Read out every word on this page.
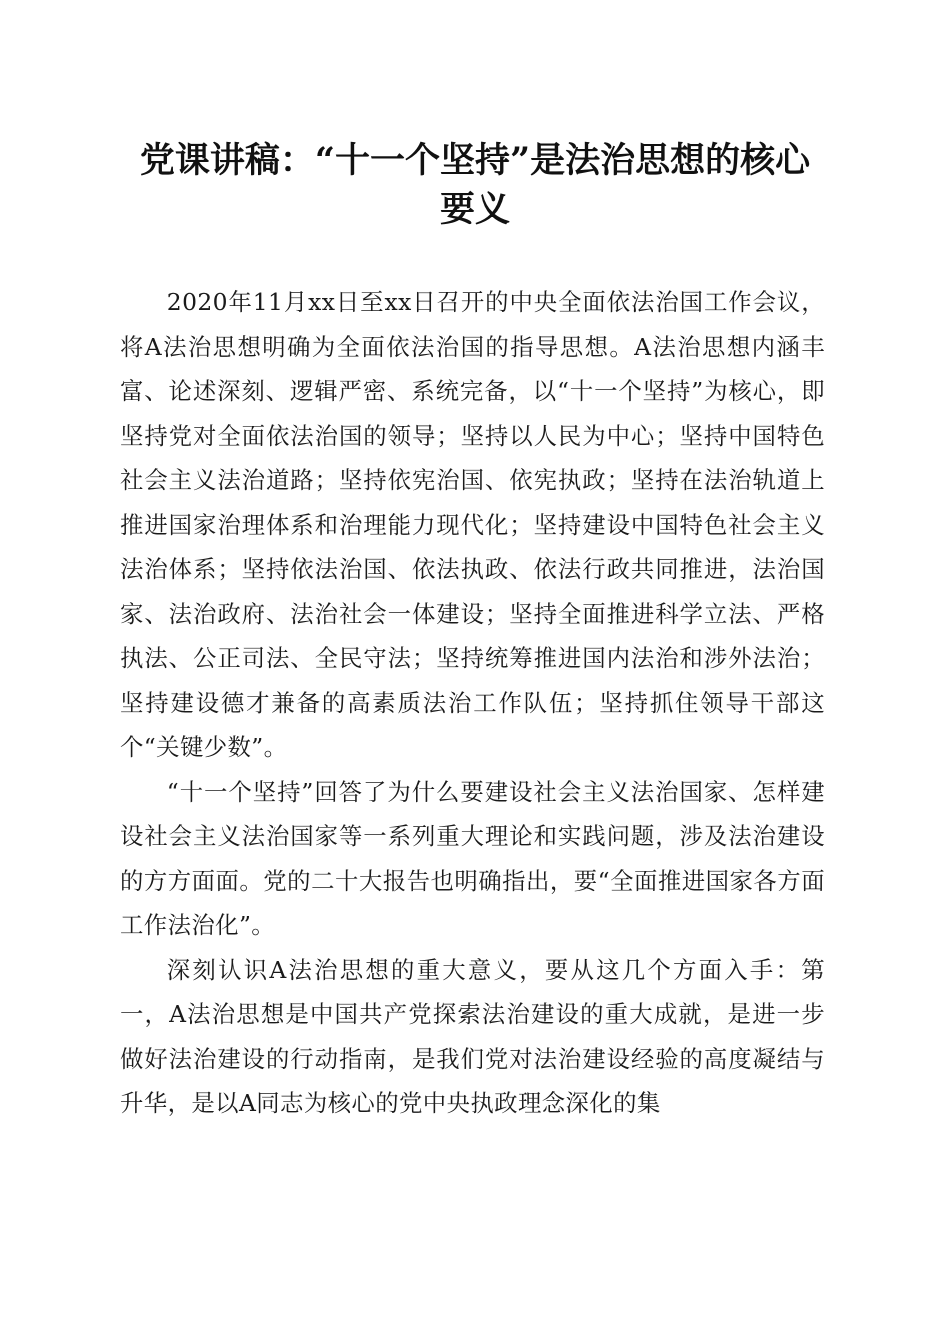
党课讲稿：“十一个坚持”是法治思想的核心
要义

2020年11月xx日至xx日召开的中央全面依法治国工作会议，将A法治思想明确为全面依法治国的指导思想。A法治思想内涵丰富、论述深刻、逻辑严密、系统完备，以“十一个坚持”为核心，即坚持党对全面依法治国的领导；坚持以人民为中心；坚持中国特色社会主义法治道路；坚持依宪治国、依宪执政；坚持在法治轨道上推进国家治理体系和治理能力现代化；坚持建设中国特色社会主义法治体系；坚持依法治国、依法执政、依法行政共同推进，法治国家、法治政府、法治社会一体建设；坚持全面推进科学立法、严格执法、公正司法、全民守法；坚持统筹推进国内法治和涉外法治；坚持建设德才兼备的高素质法治工作队伍；坚持抓住领导干部这个“关键少数”。

“十一个坚持”回答了为什么要建设社会主义法治国家、怎样建设社会主义法治国家等一系列重大理论和实践问题，涉及法治建设的方方面面。党的二十大报告也明确指出，要“全面推进国家各方面工作法治化”。

深刻认识A法治思想的重大意义，要从这几个方面入手：第一，A法治思想是中国共产党探索法治建设的重大成就，是进一步做好法治建设的行动指南，是我们党对法治建设经验的高度凝结与升华，是以A同志为核心的党中央执政理念深化的集
